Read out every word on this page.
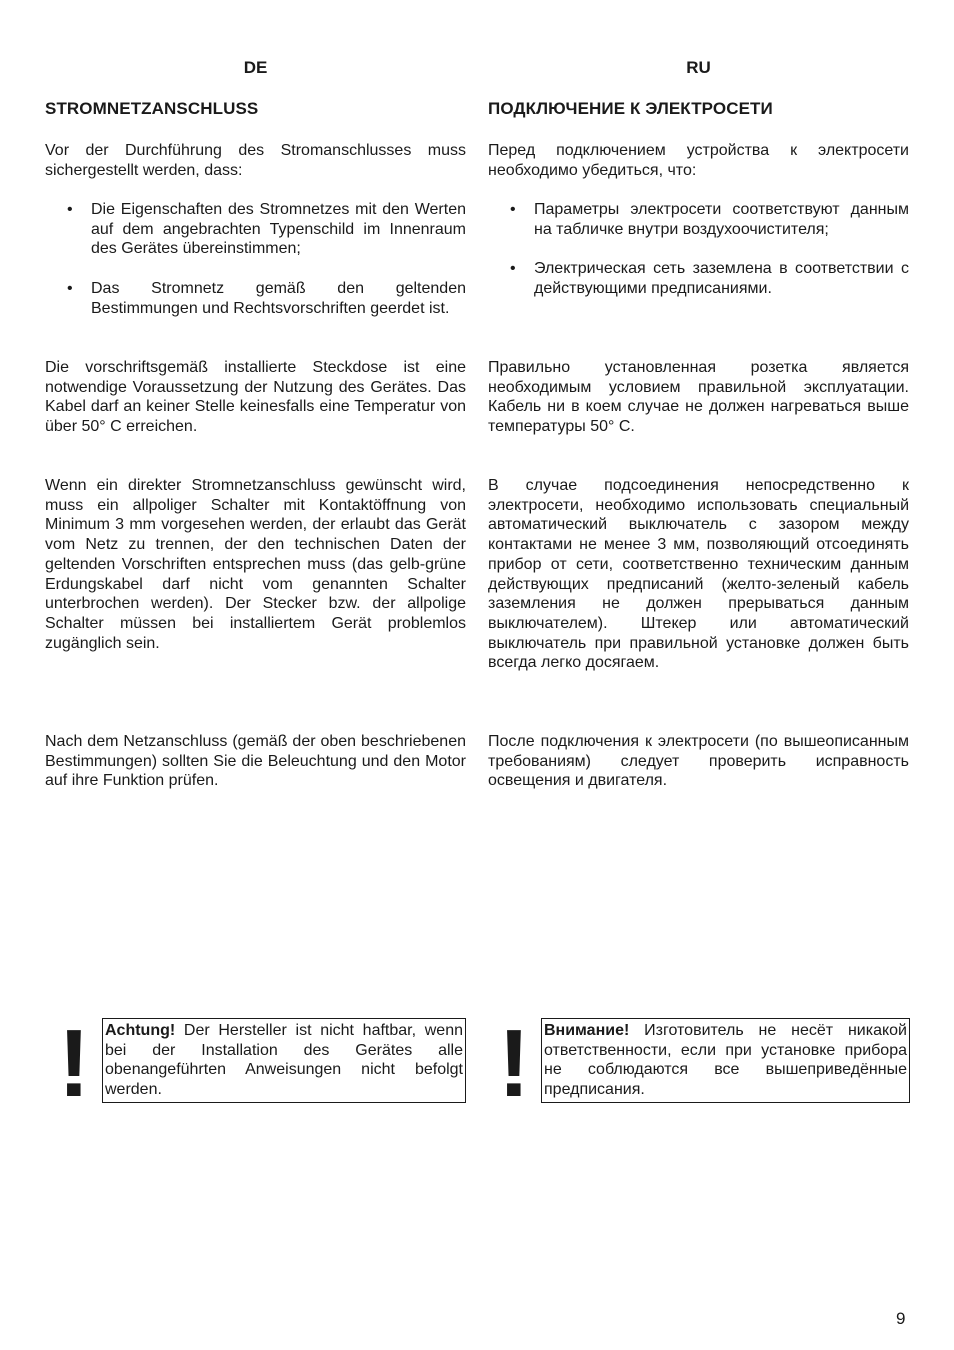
DE
STROMNETZANSCHLUSS

Vor der Durchführung des Stromanschlusses muss sichergestellt werden, dass:

• Die Eigenschaften des Stromnetzes mit den Werten auf dem angebrachten Typenschild im Innenraum des Gerätes übereinstimmen;
• Das Stromnetz gemäß den geltenden Bestimmungen und Rechtsvorschriften geerdet ist.

Die vorschriftsgemäß installierte Steckdose ist eine notwendige Voraussetzung der Nutzung des Gerätes. Das Kabel darf an keiner Stelle keinesfalls eine Temperatur von über 50° C erreichen.

Wenn ein direkter Stromnetzanschluss gewünscht wird, muss ein allpoliger Schalter mit Kontaktöffnung von Minimum 3 mm vorgesehen werden, der erlaubt das Gerät vom Netz zu trennen, der den technischen Daten der geltenden Vorschriften entsprechen muss (das gelb-grüne Erdungskabel darf nicht vom genannten Schalter unterbrochen werden). Der Stecker bzw. der allpolige Schalter müssen bei installiertem Gerät problemlos zugänglich sein.

Nach dem Netzanschluss (gemäß der oben beschriebenen Bestimmungen) sollten Sie die Beleuchtung und den Motor auf ihre Funktion prüfen.

! Achtung! Der Hersteller ist nicht haftbar, wenn bei der Installation des Gerätes alle obenangeführten Anweisungen nicht befolgt werden.
RU
ПОДКЛЮЧЕНИЕ К ЭЛЕКТРОСЕТИ

Перед подключением устройства к электросети необходимо убедиться, что:

• Параметры электросети соответствуют данным на табличке внутри воздухоочистителя;
• Электрическая сеть заземлена в соответствии с действующими предписаниями.

Правильно установленная розетка является необходимым условием правильной эксплуатации. Кабель ни в коем случае не должен нагреваться выше температуры 50° С.

В случае подсоединения непосредственно к электросети, необходимо использовать специальный автоматический выключатель с зазором между контактами не менее 3 мм, позволяющий отсоединять прибор от сети, соответственно техническим данным действующих предписаний (желто-зеленый кабель заземления не должен прерываться данным выключателем). Штекер или автоматический выключатель при правильной установке должен быть всегда легко досягаем.

После подключения к электросети (по вышеописанным требованиям) следует проверить исправность освещения и двигателя.

! Внимание! Изготовитель не несёт никакой ответственности, если при установке прибора не соблюдаются все вышеприведённые предписания.
9
